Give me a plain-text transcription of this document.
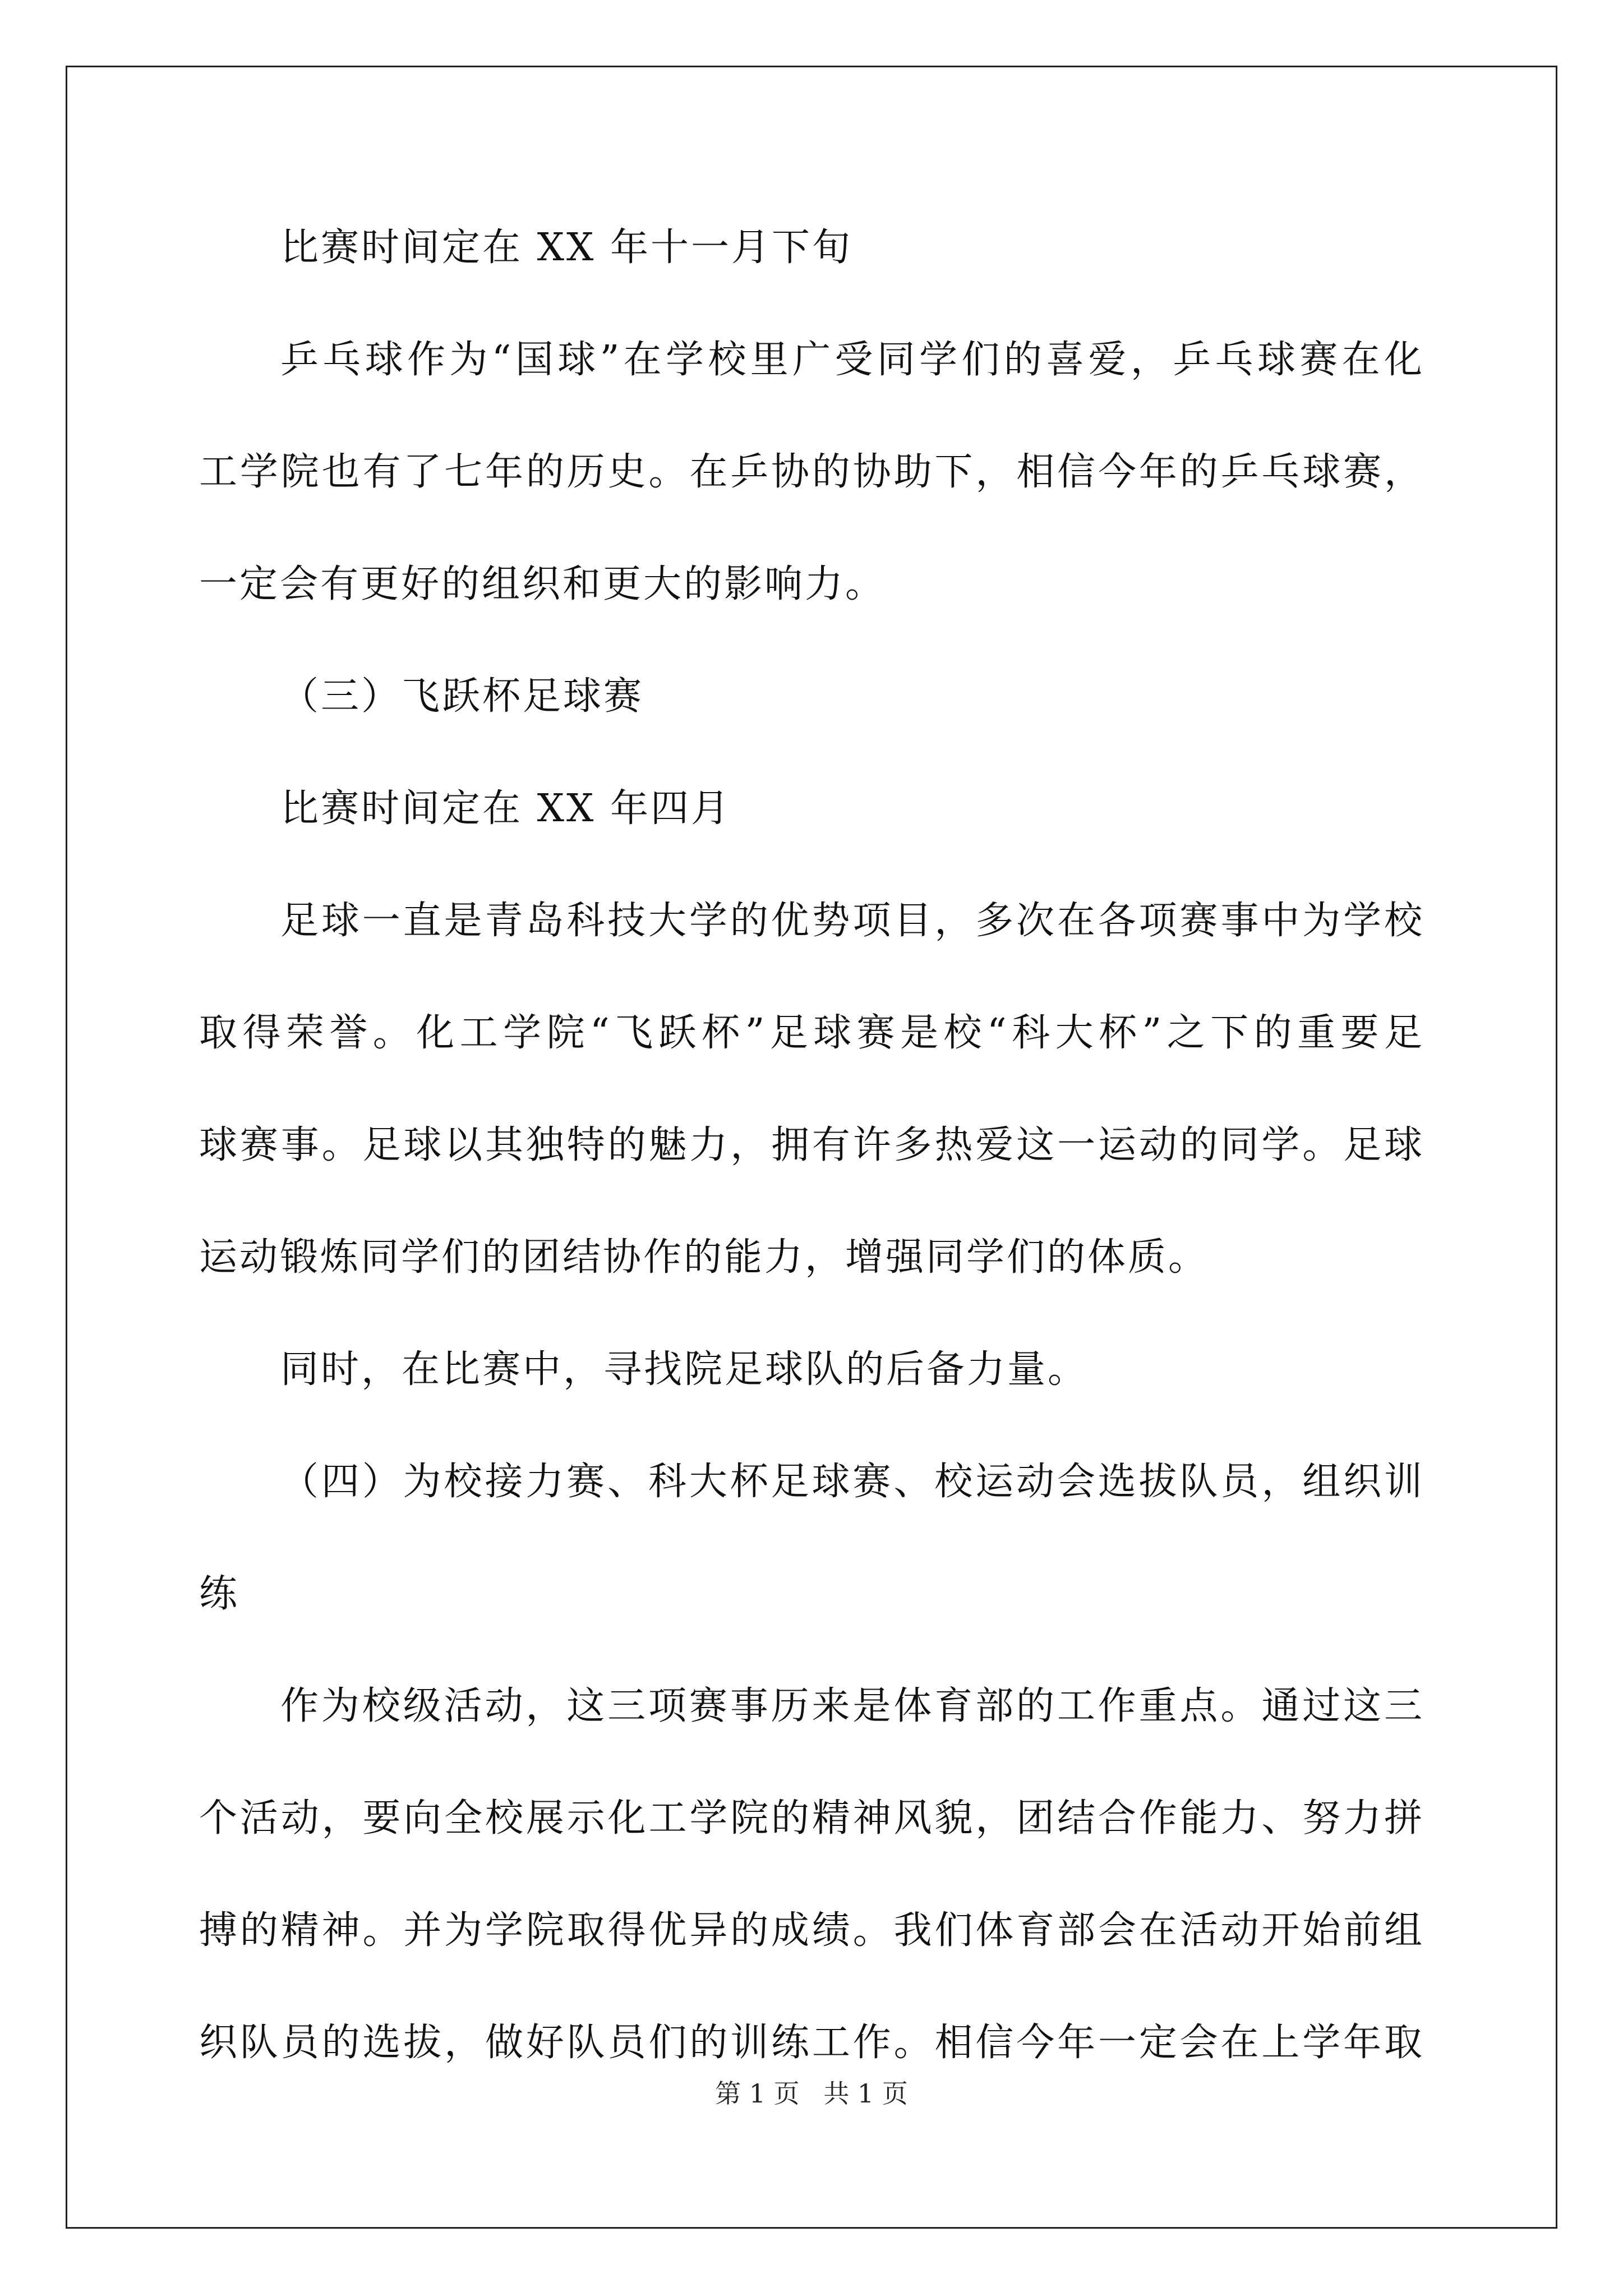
比赛时间定在 XX 年十一月下旬
乒乓球作为“国球”在学校里广受同学们的喜爱，乒乓球赛在化
工学院也有了七年的历史。在乒协的协助下，相信今年的乒乓球赛，
一定会有更好的组织和更大的影响力。
（三）飞跃杯足球赛
比赛时间定在 XX 年四月
足球一直是青岛科技大学的优势项目，多次在各项赛事中为学校
取得荣誉。化工学院“飞跃杯”足球赛是校“科大杯”之下的重要足
球赛事。足球以其独特的魅力，拥有许多热爱这一运动的同学。足球
运动锻炼同学们的团结协作的能力，增强同学们的体质。
同时，在比赛中，寻找院足球队的后备力量。
（四）为校接力赛、科大杯足球赛、校运动会选拔队员，组织训
练
作为校级活动，这三项赛事历来是体育部的工作重点。通过这三
个活动，要向全校展示化工学院的精神风貌，团结合作能力、努力拼
搏的精神。并为学院取得优异的成绩。我们体育部会在活动开始前组
织队员的选拔，做好队员们的训练工作。相信今年一定会在上学年取
第 1 页 共 1 页
